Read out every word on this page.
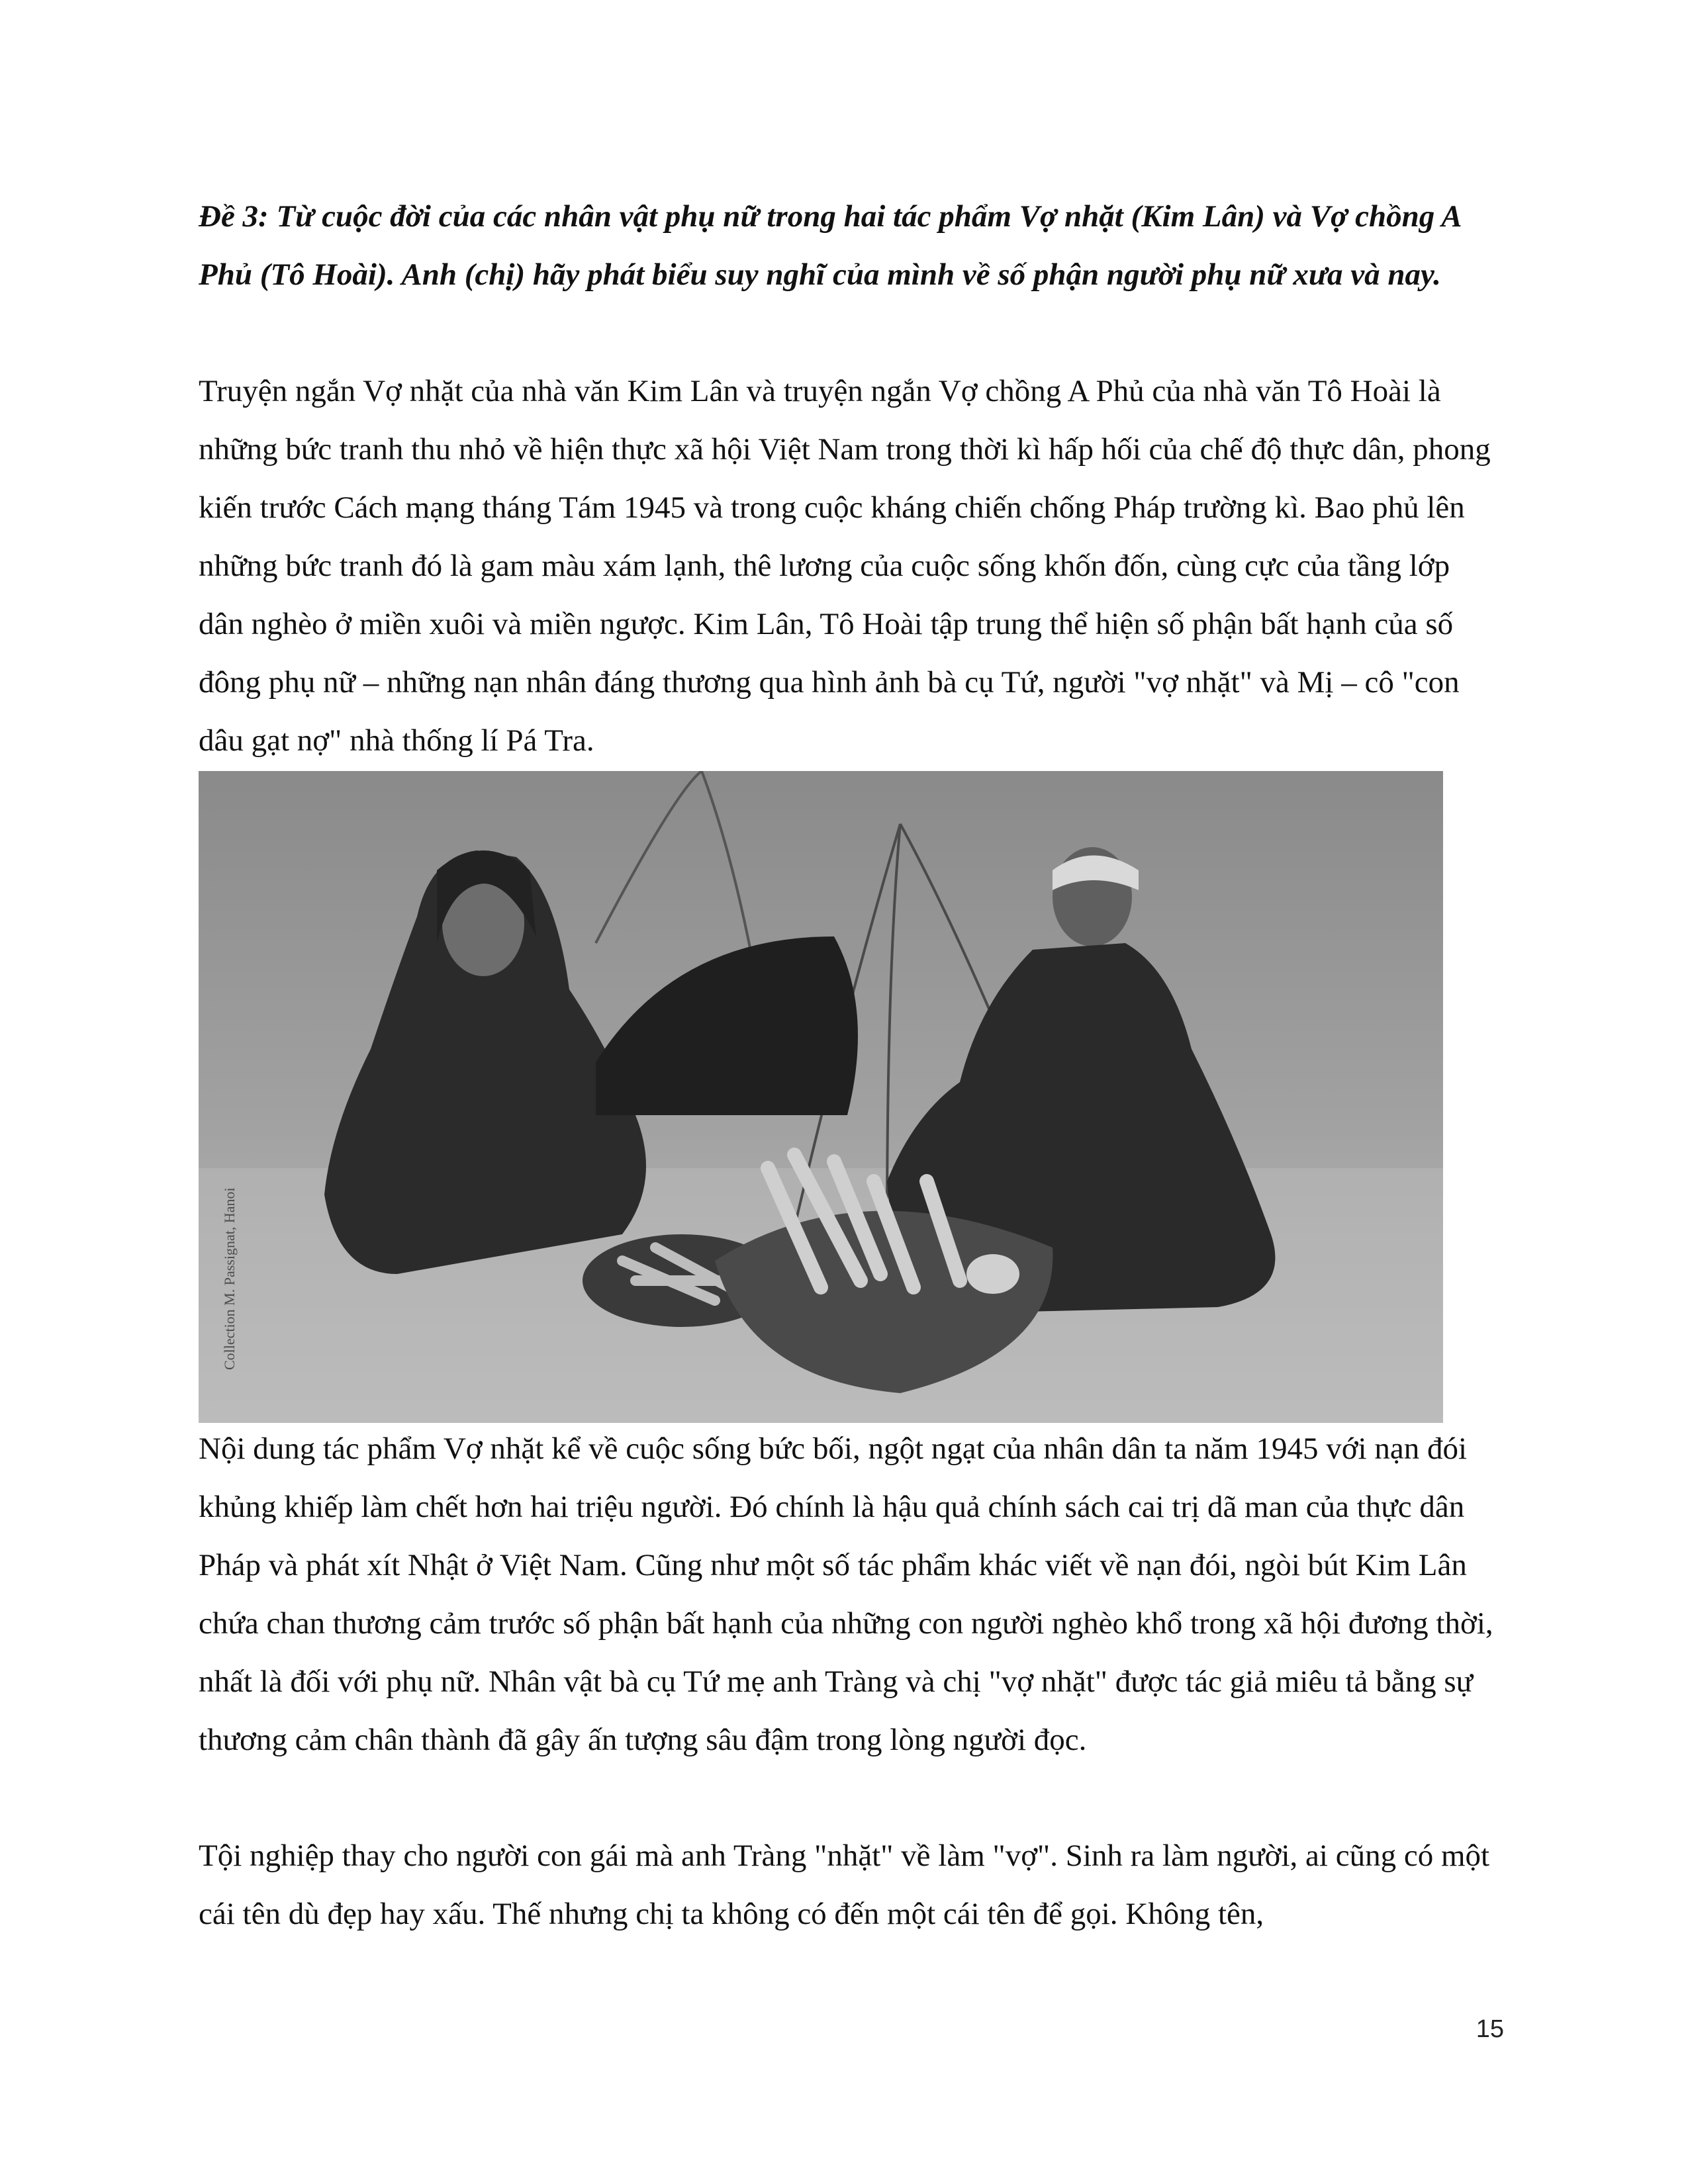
Đề 3: Từ cuộc đời của các nhân vật phụ nữ trong hai tác phẩm Vợ nhặt (Kim Lân) và Vợ chồng A Phủ (Tô Hoài). Anh (chị) hãy phát biểu suy nghĩ của mình về số phận người phụ nữ xưa và nay.

Truyện ngắn Vợ nhặt của nhà văn Kim Lân và truyện ngắn Vợ chồng A Phủ của nhà văn Tô Hoài là những bức tranh thu nhỏ về hiện thực xã hội Việt Nam trong thời kì hấp hối của chế độ thực dân, phong kiến trước Cách mạng tháng Tám 1945 và trong cuộc kháng chiến chống Pháp trường kì. Bao phủ lên những bức tranh đó là gam màu xám lạnh, thê lương của cuộc sống khốn đốn, cùng cực của tầng lớp dân nghèo ở miền xuôi và miền ngược. Kim Lân, Tô Hoài tập trung thể hiện số phận bất hạnh của số đông phụ nữ – những nạn nhân đáng thương qua hình ảnh bà cụ Tứ, người "vợ nhặt" và Mị – cô "con dâu gạt nợ" nhà thống lí Pá Tra.

Collection M. Passignat, Hanoi

Nội dung tác phẩm Vợ nhặt kể về cuộc sống bức bối, ngột ngạt của nhân dân ta năm 1945 với nạn đói khủng khiếp làm chết hơn hai triệu người. Đó chính là hậu quả chính sách cai trị dã man của thực dân Pháp và phát xít Nhật ở Việt Nam. Cũng như một số tác phẩm khác viết về nạn đói, ngòi bút Kim Lân chứa chan thương cảm trước số phận bất hạnh của những con người nghèo khổ trong xã hội đương thời, nhất là đối với phụ nữ. Nhân vật bà cụ Tứ mẹ anh Tràng và chị "vợ nhặt" được tác giả miêu tả bằng sự thương cảm chân thành đã gây ấn tượng sâu đậm trong lòng người đọc.

Tội nghiệp thay cho người con gái mà anh Tràng "nhặt" về làm "vợ". Sinh ra làm người, ai cũng có một cái tên dù đẹp hay xấu. Thế nhưng chị ta không có đến một cái tên để gọi. Không tên,

15
